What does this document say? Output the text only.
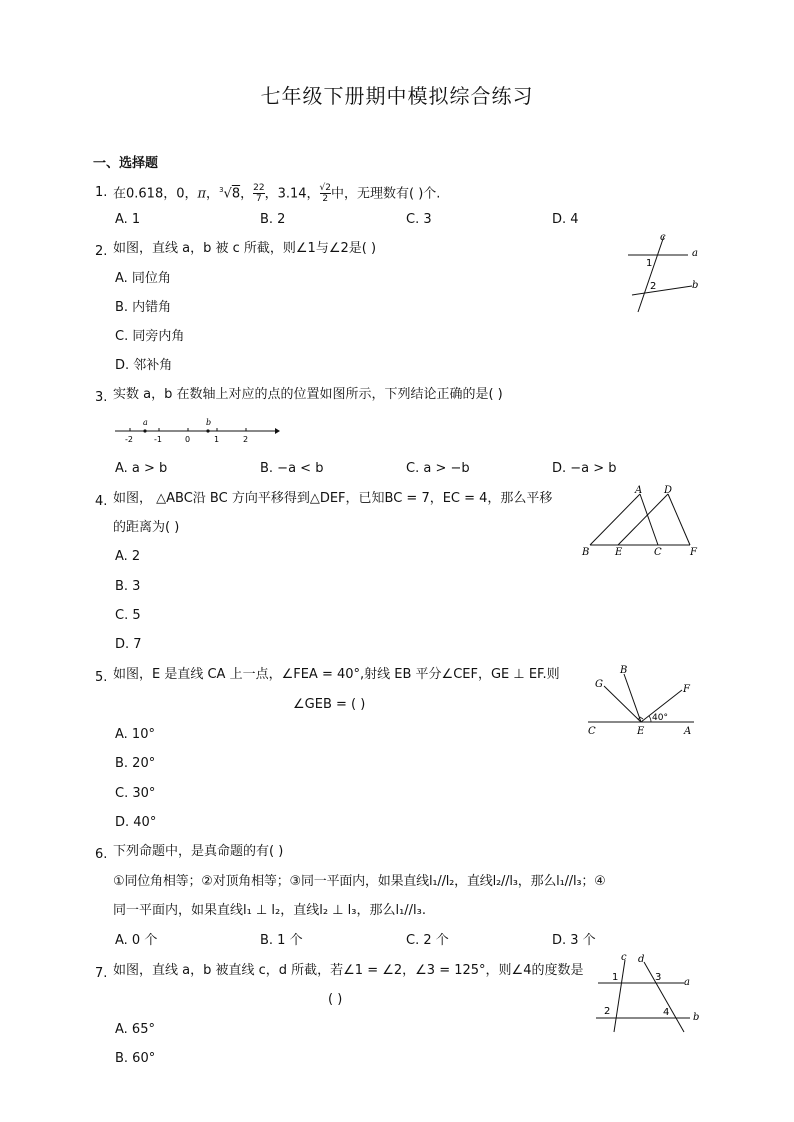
七年级下册期中模拟综合练习
一、选择题
1. 在0.618，0，π，$^3$√8， $\frac{22}{7}$ ，3.14， $\frac{√2}{2}$ 中，无理数有( )个.
A. 1	B. 2	C. 3	D. 4
2. 如图，直线 a，b 被 c 所截，则∠1与∠2是( )
A. 同位角
B. 内错角
C. 同旁内角
D. 邻补角
c
a
b
1
2
3. 实数 a，b 在数轴上对应的点的位置如图所示，下列结论正确的是( )
a	b
-2	-1	0	1	2
A. a > b	B. −a < b	C. a > −b	D. −a > b
4. 如图， △ABC沿 BC 方向平移得到△DEF，已知BC = 7，EC = 4，那么平移
的距离为( )
A. 2
B. 3
C. 5
D. 7
A D
B	E	C	F
5. 如图，E 是直线 CA 上一点，∠FEA = 40°,射线 EB 平分∠CEF，GE ⊥ EF.则
∠GEB = ( )
A. 10°
B. 20°
C. 30°
D. 40°
B
G	F
C	E	A
40°
6. 下列命题中，是真命题的有( )
①同位角相等；②对顶角相等；③同一平面内，如果直线l₁//l₂，直线l₂//l₃，那么l₁//l₃；④
同一平面内，如果直线l₁ ⊥ l₂，直线l₂ ⊥ l₃，那么l₁//l₃.
A. 0 个	B. 1 个	C. 2 个	D. 3 个
7. 如图，直线 a，b 被直线 c，d 所截，若∠1 = ∠2，∠3 = 125°，则∠4的度数是
( )
A. 65°
B. 60°
c d
a
b
1
2
3
4
